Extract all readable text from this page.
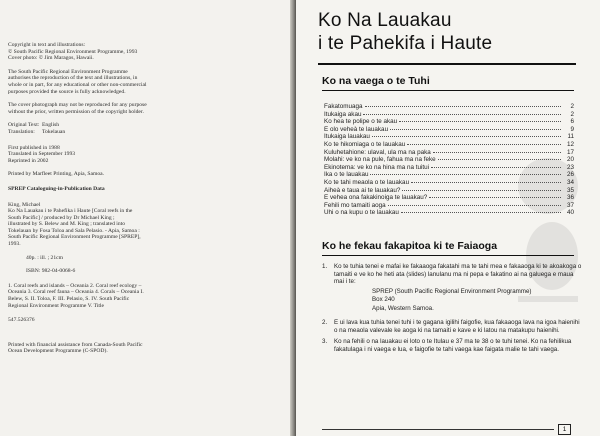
Copyright in text and illustrations:

© South Pacific Regional Environment Programme, 1993

Cover photo: © Jim Maragos, Hawaii.

The South Pacific Regional Environment Programme

authorises the reproduction of the text and illustrations, in

whole or in part, for any educational or other non-commercial

purposes provided the source is fully acknowledged.

The cover photograph may not be reproduced for any purpose

without the prior, written permission of the copyright holder.

Original Text: English
Translation:	Tokelauan

First published in 1988

Translated in September 1993

Reprinted in 2002

Printed by Marfleet Printing, Apia, Samoa.

SPREP Cataloguing-in-Publication Data

King, Michael

Ko Na Lauakau i te Pahefika i Haute [Coral reefs in the

South Pacific] / produced by Dr Michael King ;

illustrated by S. Belew and M. King ; translated into

Tokelauan by Fosa Toloa and Sala Pelasio. - Apia, Samoa :

South Pacific Regional Environment Programme [SPREP],

1993.

40p. : ill. ; 21cm

ISBN: 982-04-0068-6

1. Coral reefs and islands – Oceania 2. Coral reef ecology –

Oceania 3. Coral reef fauna – Oceania 4. Corals – Oceania I.

Belew, S. II. Toloa, F. III. Pelasio, S. IV. South Pacific

Regional Environment Programme V. Title

547.526376

Printed with financial assistance from Canada-South Pacific

Ocean Development Programme (C-SPOD).

Ko Na Lauakau
i te Pahekifa i Haute
Ko na vaega o te Tuhi
Fakatomuaga	2
Itukaiga akau	2
Ko hea te polipe o te akau	6
E olo veheà te lauakau	9
Itukaiga lauakau	11
Ko te hikomiaga o te lauakau	12
Kuluhetahione: ulaval, ula ma na paka	17
Molahi: ve ko na pule, fahua ma na feke	20
Ekinotema: ve ko na hina ma na tuitui	23
Ika o te lauakau	26
Ko te tahi meaola o te lauakau	34
Aiheà e taua ai te lauakau?	35
E vehea ona fakakinoiga te lauakau?	36
Fehili mo tamaiti aoga	37
Uhi o na kupu o te lauakau	40
Ko he fekau fakapitoa ki te Faiaoga
1.	Ko te tuhia tenei e mafai ke fakaaoga fakatahi ma te tahi mea e fakaaoga ki te akoakoga o tamaiti e ve ko he heti ata (slides) lanulanu ma ni pepa e fakatino ai na galuega e maua mai i te:
SPREP (South Pacific Regional Environment Programme)
Box 240
Apia, Western Samoa.
2.	E ui lava kua tuhia tenei tuhi i te gagana igilihi faigofie, kua fakaaoga lava na igoa haienihi o na meaola valevale ke aoga ki na tamaiti e kave e ki latou na matakupu haienihi.
3.	Ko na fehili o na lauakau ei loto o te Itulau e 37 ma te 38 o te tuhi tenei. Ko na fehilikua fakatulaga i ni vaega e lua, e faigofie te tahi vaega kae faigata malie te tahi vaega.
1
